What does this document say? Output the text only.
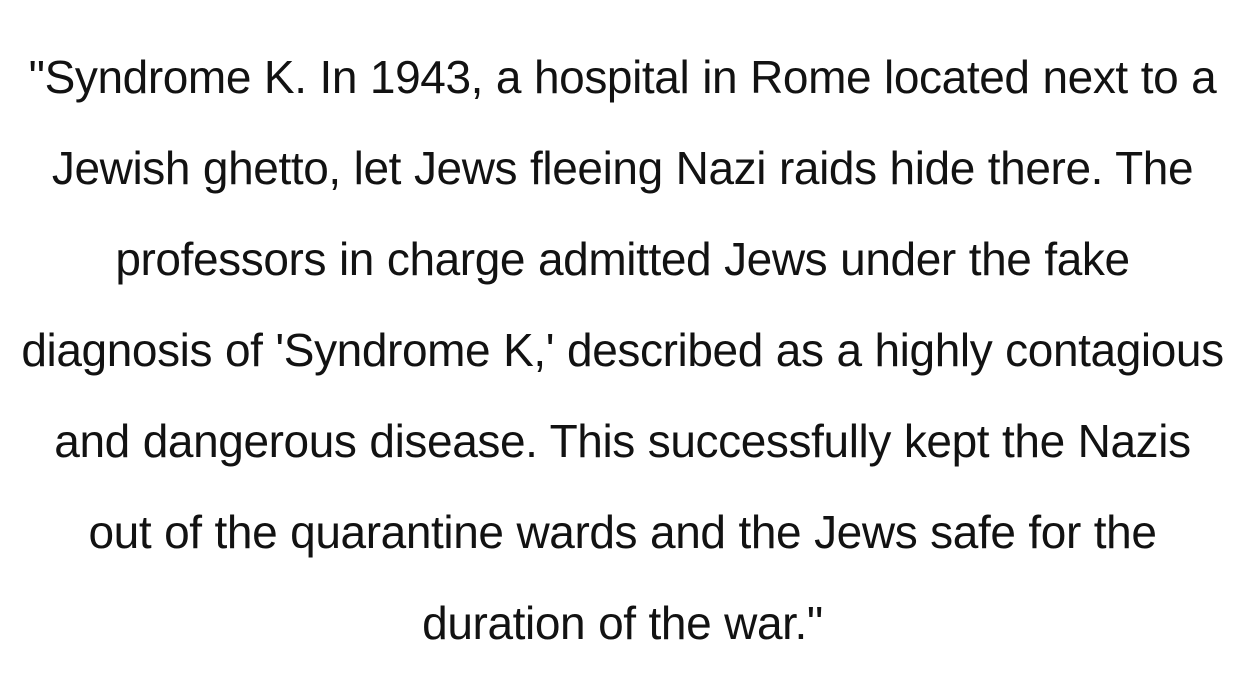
"Syndrome K. In 1943, a hospital in Rome located next to a Jewish ghetto, let Jews fleeing Nazi raids hide there. The professors in charge admitted Jews under the fake diagnosis of 'Syndrome K,' described as a highly contagious and dangerous disease. This successfully kept the Nazis out of the quarantine wards and the Jews safe for the duration of the war."
